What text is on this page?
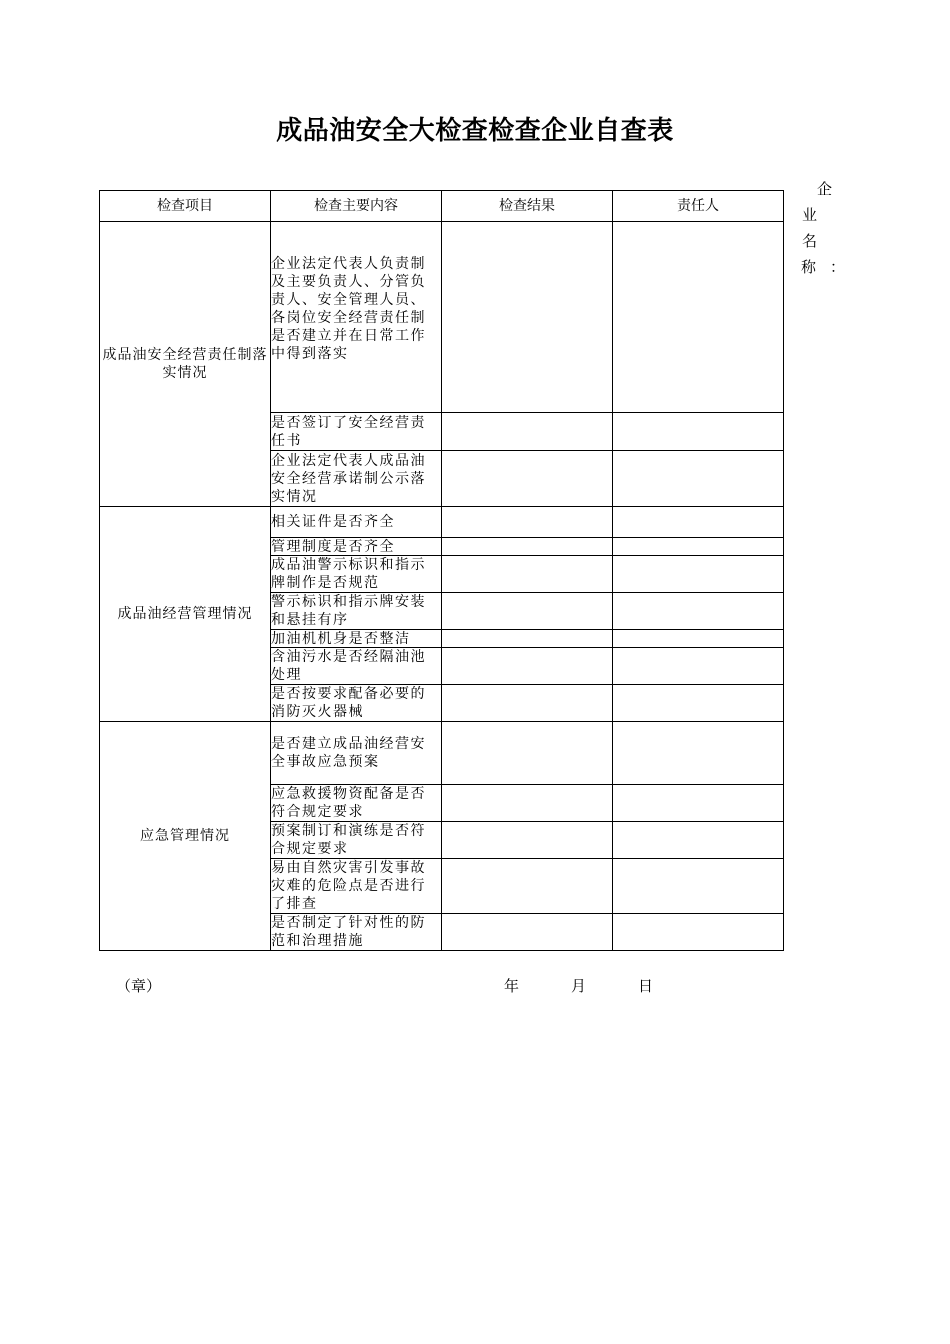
成品油安全大检查检查企业自查表
企
业名
称：
检查项目	检查主要内容	检查结果	责任人
成品油安全经营责任制落实情况	企业法定代表人负责制及主要负责人、分管负责人、安全管理人员、各岗位安全经营责任制是否建立并在日常工作中得到落实		
	是否签订了安全经营责任书		
	企业法定代表人成品油安全经营承诺制公示落实情况		
成品油经营管理情况	相关证件是否齐全		
	管理制度是否齐全		
	成品油警示标识和指示牌制作是否规范		
	警示标识和指示牌安装和悬挂有序		
	加油机机身是否整洁		
	含油污水是否经隔油池处理		
	是否按要求配备必要的消防灭火器械		
应急管理情况	是否建立成品油经营安全事故应急预案		
	应急救援物资配备是否符合规定要求		
	预案制订和演练是否符合规定要求		
	易由自然灾害引发事故灾难的危险点是否进行了排查		
	是否制定了针对性的防范和治理措施		
（章）	年	月	日
